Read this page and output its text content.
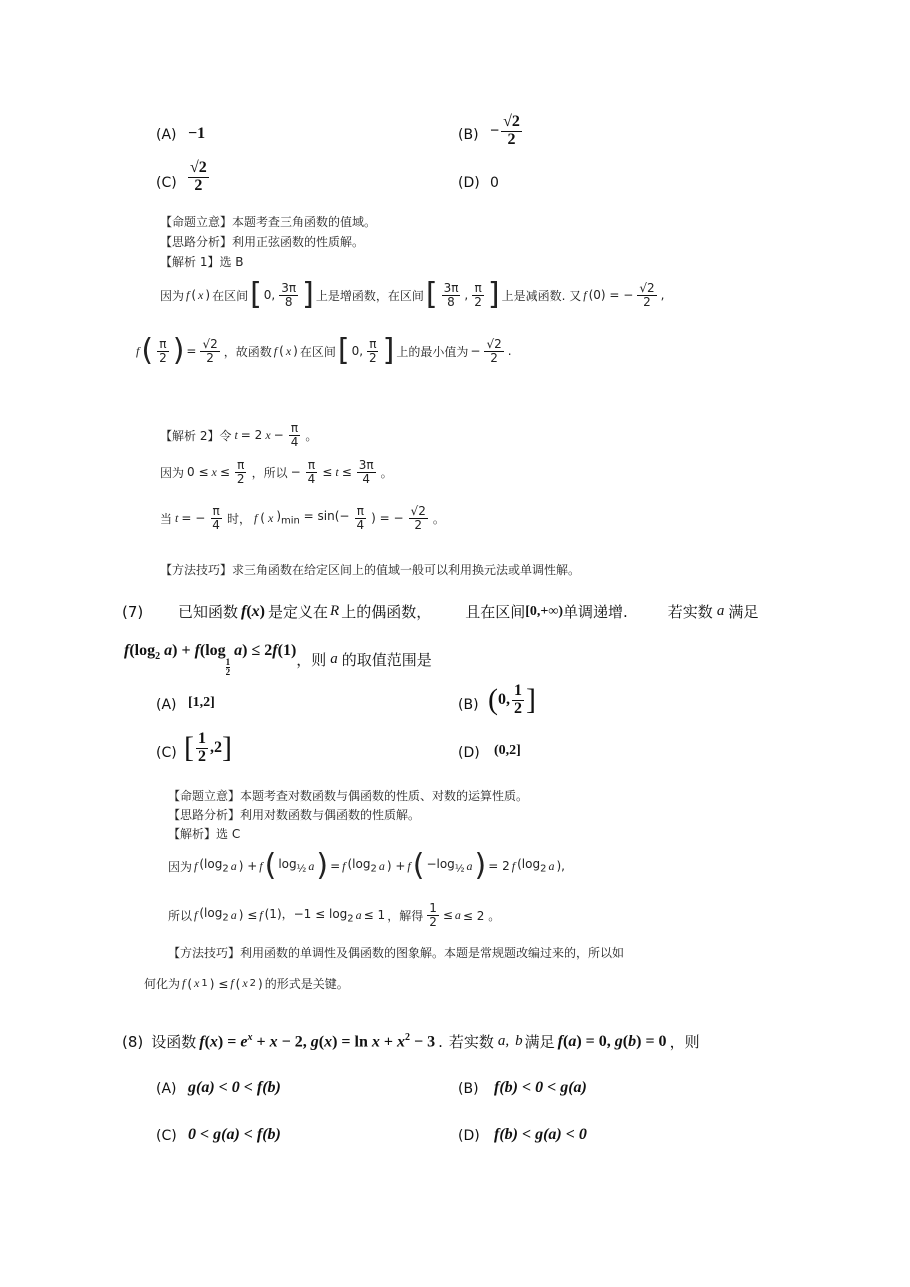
(A) −1	$(B) - \frac{√2}{2}$
$(C) \frac{√2}{2}$	(D) 0
【命题立意】本题考查三角函数的值域。
【思路分析】利用正弦函数的性质解。
【解析 1】选 B
因为 f ( x ) 在区间 [ 0, $\frac{3\pi}{8}$ ] 上是增函数，在区间 [ $\frac{3\pi}{8}$ , $\frac{\pi}{2}$ ] 上是减函数. 又 f (0) = − $\frac{√2}{2}$ ,
f ( $\frac{\pi}{2}$ ) = $\frac{√2}{2}$ ，故函数 f ( x ) 在区间 [ 0, $\frac{\pi}{2}$ ] 上的最小值为 − $\frac{√2}{2}$ .
【解析 2】令 t = 2 $x - \frac{\pi}{4}$ 。
因为 $0 \le x \le \frac{\pi}{2}$ ，所以 − $\frac{\pi}{4} \le t \le \frac{3\pi}{4}$ 。
当 t = − $\frac{\pi}{4}$ 时， f ( x )$_{min} = \sin(- \frac{\pi}{4}$ ) = − $\frac{√2}{2}$ 。
【方法技巧】求三角函数在给定区间上的值域一般可以利用换元法或单调性解。
(7)	已知函数 f(x) 是定义在 R 上的偶函数， 且在区间 [0,+∞) 单调递增.	若实数 a 满足
$f(\log_2$ a) + f(log
$_{\frac{1}{2}}$
a) ≤ 2f(1)
，则 a 的取值范围是
(A) [1,2]	(B) ( 0, $\frac{1}{2}$ ]
(C) [ $\frac{1}{2} ,2$ ]	(D) (0,2]
【命题立意】本题考查对数函数与偶函数的性质、对数的运算性质。
【思路分析】利用对数函数与偶函数的性质解。
【解析】选 C
因为 f ($\log_2$ a ) + f ( $\log_{\frac{1}{2}} a$ ) = f ($\log_2$ a ) + f ( $-\log_{\frac{1}{2}}$ a ) = 2 f ($\log_2$ a ),
所以 f ($\log_2$ a ) ≤ f (1)，$-1 \le \log_2 a \le 1$ ，解得 $\frac{1}{2} \le a \le 2$ 。
【方法技巧】利用函数的单调性及偶函数的图象解。本题是常规题改编过来的，所以如
何化为 f ( x 1 ) ≤ f ( x 2 ) 的形式是关键。
(8) 设函数 $f(x) = e^x + x - 2$, $g(x) = \ln x + x^2 - 3$ . 若实数 a, b 满足 f(a) = 0, g(b) = 0 ，则
(A) g(a) < 0 < f(b)	(B) f(b) < 0 < g(a)
(C) 0 < g(a) < f(b)	(D) f(b) < g(a) < 0
